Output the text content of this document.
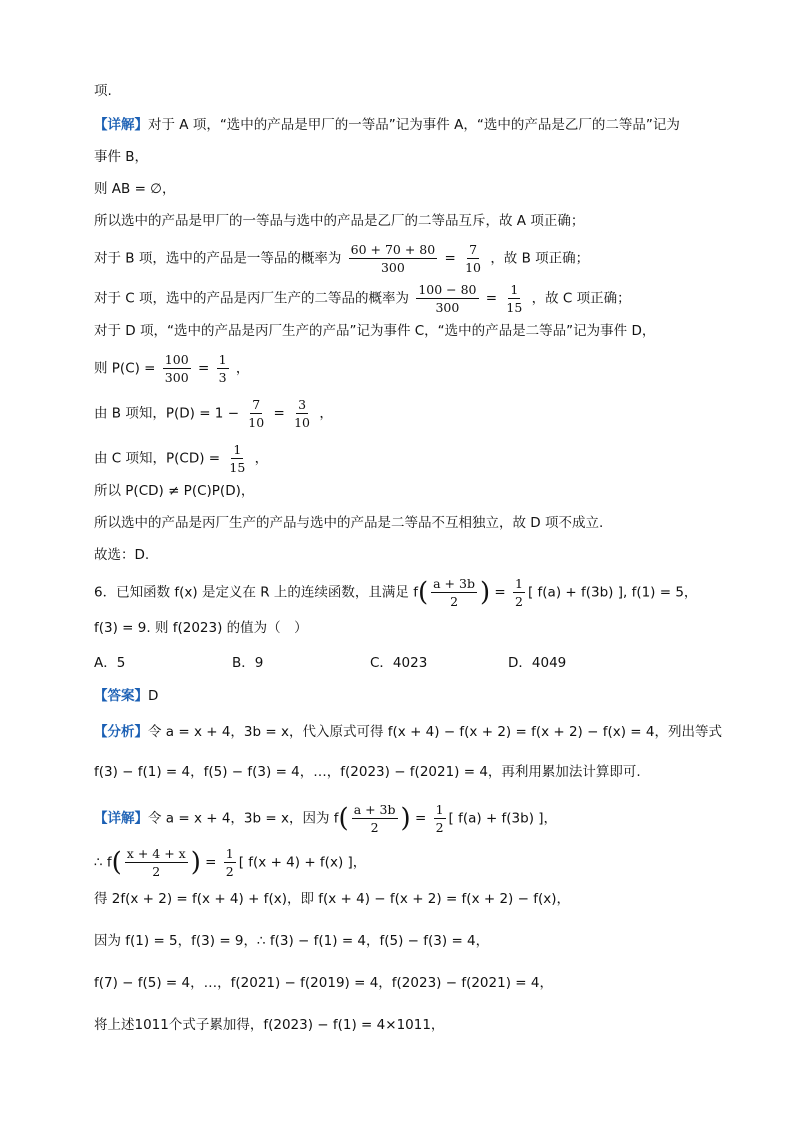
项.
【详解】对于 A 项，“选中的产品是甲厂的一等品”记为事件 A，“选中的产品是乙厂的二等品”记为
事件 B，
则 AB = ∅，
所以选中的产品是甲厂的一等品与选中的产品是乙厂的二等品互斥，故 A 项正确；
对于 B 项，选中的产品是一等品的概率为 $\frac{60 + 70 + 80}{300} = \frac{7}{10}$ ，故 B 项正确；
对于 C 项，选中的产品是丙厂生产的二等品的概率为 $\frac{100 - 80}{300} = \frac{1}{15}$ ，故 C 项正确；
对于 D 项，“选中的产品是丙厂生产的产品”记为事件 C，“选中的产品是二等品”记为事件 D，
则 $P(C) = \frac{100}{300} = \frac{1}{3}$ ，
由 B 项知，$P(D) = 1 - \frac{7}{10} = \frac{3}{10}$ ，
由 C 项知，$P(CD) = \frac{1}{15}$ ，
所以 P(CD) ≠ P(C)P(D)，
所以选中的产品是丙厂生产的产品与选中的产品是二等品不互相独立，故 D 项不成立.
故选：D.
6．已知函数 f(x) 是定义在 R 上的连续函数，且满足 $f( \frac{a + 3b}{2}$ ) = $\frac{1}{2}$ [ f(a) + f(3b) ], f(1) = 5，
f(3) = 9. 则 f(2023) 的值为（　）
A．5	B．9	C．4023	D．4049
【答案】D
【分析】令 a = x + 4，3b = x，代入原式可得 f(x + 4) − f(x + 2) = f(x + 2) − f(x) = 4，列出等式
f(3) − f(1) = 4，f(5) − f(3) = 4，…，f(2023) − f(2021) = 4，再利用累加法计算即可.
【详解】令 a = x + 4，3b = x，因为 $f( \frac{a + 3b}{2}$ ) = $\frac{1}{2}$ [ f(a) + f(3b) ]，
∴ $f( \frac{x + 4 + x}{2}$ ) = $\frac{1}{2}$ [ f(x + 4) + f(x) ]，
得 2f(x + 2) = f(x + 4) + f(x)，即 f(x + 4) − f(x + 2) = f(x + 2) − f(x)，
因为 f(1) = 5，f(3) = 9，∴ f(3) − f(1) = 4，f(5) − f(3) = 4，
f(7) − f(5) = 4，…，f(2021) − f(2019) = 4，f(2023) − f(2021) = 4，
将上述1011个式子累加得，f(2023) − f(1) = 4×1011，
